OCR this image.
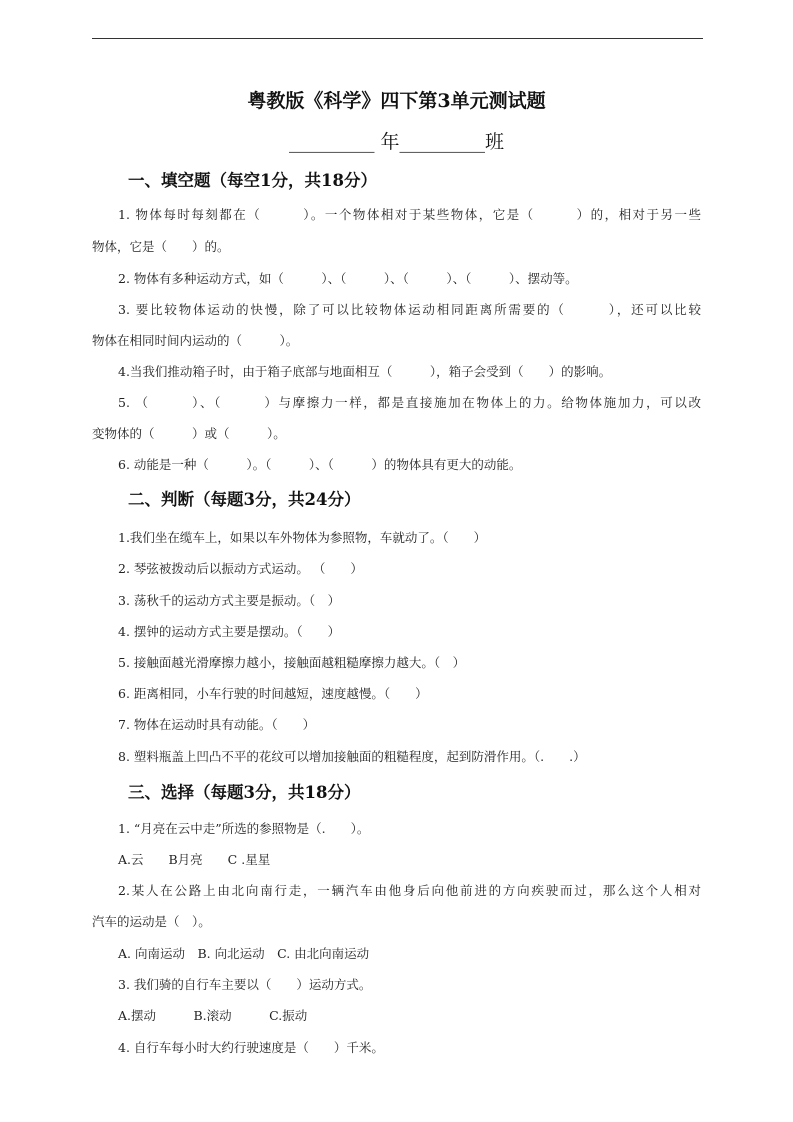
粤教版《科学》四下第3单元测试题
_________ 年_________班
一、填空题（每空1分，共18分）
1. 物体每时每刻都在（　　　）。一个物体相对于某些物体，它是（　　　）的，相对于另一些
物体，它是（　　）的。
2. 物体有多种运动方式，如（　　　）、（　　　）、（　　　）、（　　　）、摆动等。
3. 要比较物体运动的快慢，除了可以比较物体运动相同距离所需要的（　　　），还可以比较
物体在相同时间内运动的（　　　）。
4.当我们推动箱子时，由于箱子底部与地面相互（　　　），箱子会受到（　　）的影响。
5. （　　　）、（　　　）与摩擦力一样，都是直接施加在物体上的力。给物体施加力，可以改
变物体的（　　　）或（　　　）。
6. 动能是一种（　　　）。（　　　）、（　　　）的物体具有更大的动能。
二、判断（每题3分，共24分）
1.我们坐在缆车上，如果以车外物体为参照物，车就动了。（　　）
2. 琴弦被拨动后以振动方式运动。 （　　）
3. 荡秋千的运动方式主要是振动。（　）
4. 摆钟的运动方式主要是摆动。（　　）
5. 接触面越光滑摩擦力越小，接触面越粗糙摩擦力越大。（　）
6. 距离相同，小车行驶的时间越短，速度越慢。（　　）
7. 物体在运动时具有动能。（　　）
8. 塑料瓶盖上凹凸不平的花纹可以增加接触面的粗糙程度，起到防滑作用。（.　　.）
三、选择（每题3分，共18分）
1. “月亮在云中走”所选的参照物是（.　　）。
A.云　　B月亮　　C .星星
2.某人在公路上由北向南行走，一辆汽车由他身后向他前进的方向疾驶而过，那么这个人相对
汽车的运动是（　）。
A. 向南运动　B. 向北运动　C. 由北向南运动
3. 我们骑的自行车主要以（　　）运动方式。
A.摆动　　　B.滚动　　　C.振动
4. 自行车每小时大约行驶速度是（　　）千米。
